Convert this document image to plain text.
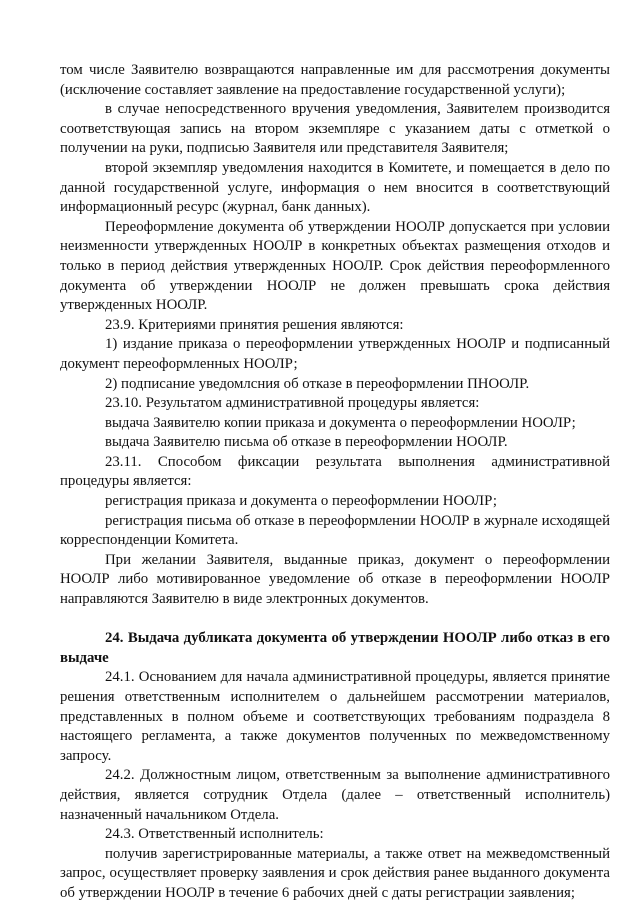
том числе Заявителю возвращаются направленные им для рассмотрения документы (исключение составляет заявление на предоставление государственной услуги);

в случае непосредственного вручения уведомления, Заявителем производится соответствующая запись на втором экземпляре с указанием даты с отметкой о получении на руки, подписью Заявителя или представителя Заявителя;

второй экземпляр уведомления находится в Комитете, и помещается в дело по данной государственной услуге, информация о нем вносится в соответствующий информационный ресурс (журнал, банк данных).

Переоформление документа об утверждении НООЛР допускается при условии неизменности утвержденных НООЛР в конкретных объектах размещения отходов и только в период действия утвержденных НООЛР. Срок действия переоформленного документа об утверждении НООЛР не должен превышать срока действия утвержденных НООЛР.

23.9. Критериями принятия решения являются:

1) издание приказа о переоформлении утвержденных НООЛР и подписанный документ переоформленных НООЛР;

2) подписание уведомлсния об отказе в переоформлении ПНООЛР.

23.10. Результатом административной процедуры является:

выдача Заявителю копии приказа и документа о переоформлении НООЛР;

выдача Заявителю письма об отказе в переоформлении НООЛР.

23.11. Способом фиксации результата выполнения административной процедуры является:

регистрация приказа и документа о переоформлении НООЛР;

регистрация письма об отказе в переоформлении НООЛР в журнале исходящей корреспонденции Комитета.

При желании Заявителя, выданные приказ, документ о переоформлении НООЛР либо мотивированное уведомление об отказе в переоформлении НООЛР направляются Заявителю в виде электронных документов.

24. Выдача дубликата документа об утверждении НООЛР либо отказ в его выдаче

24.1. Основанием для начала административной процедуры, является принятие решения ответственным исполнителем о дальнейшем рассмотрении материалов, представленных в полном объеме и соответствующих требованиям подраздела 8 настоящего регламента, а также документов полученных по межведомственному запросу.

24.2. Должностным лицом, ответственным за выполнение административного действия, является сотрудник Отдела (далее – ответственный исполнитель) назначенный начальником Отдела.

24.3. Ответственный исполнитель:

получив зарегистрированные материалы, а также ответ на межведомственный запрос, осуществляет проверку заявления и срок действия ранее выданного документа об утверждении НООЛР в течение 6 рабочих дней с даты регистрации заявления;
